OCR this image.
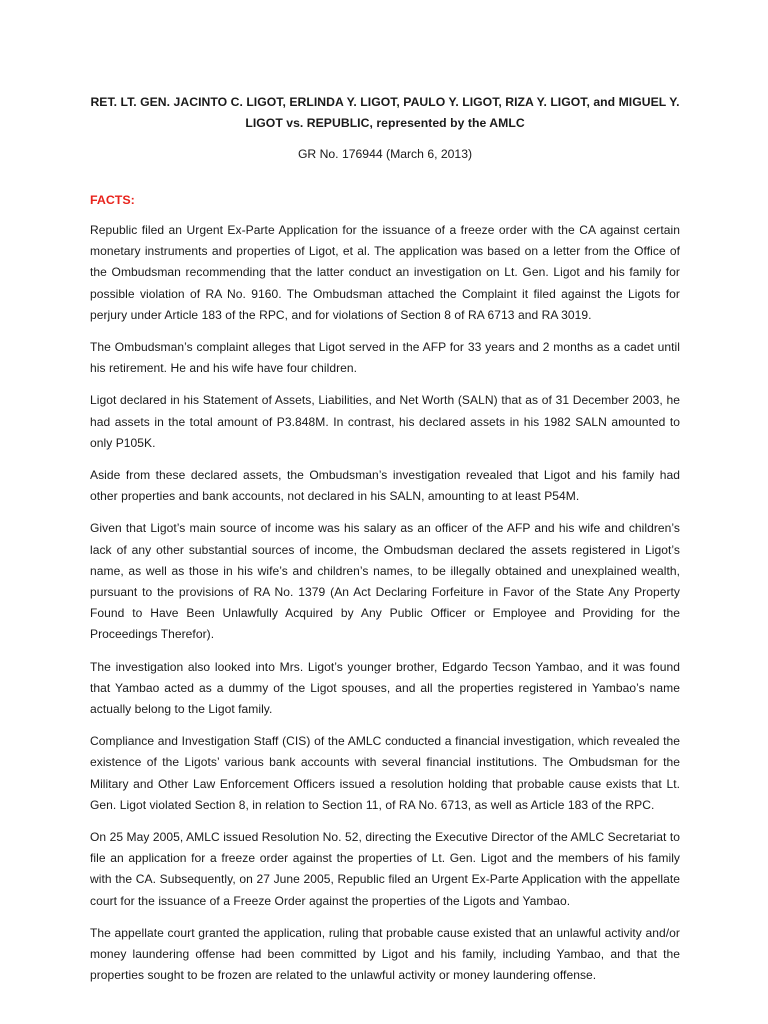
RET. LT. GEN. JACINTO C. LIGOT, ERLINDA Y. LIGOT, PAULO Y. LIGOT, RIZA Y. LIGOT, and MIGUEL Y. LIGOT vs. REPUBLIC, represented by the AMLC

GR No. 176944 (March 6, 2013)

FACTS:

Republic filed an Urgent Ex-Parte Application for the issuance of a freeze order with the CA against certain monetary instruments and properties of Ligot, et al. The application was based on a letter from the Office of the Ombudsman recommending that the latter conduct an investigation on Lt. Gen. Ligot and his family for possible violation of RA No. 9160. The Ombudsman attached the Complaint it filed against the Ligots for perjury under Article 183 of the RPC, and for violations of Section 8 of RA 6713 and RA 3019.

The Ombudsman’s complaint alleges that Ligot served in the AFP for 33 years and 2 months as a cadet until his retirement. He and his wife have four children.

Ligot declared in his Statement of Assets, Liabilities, and Net Worth (SALN) that as of 31 December 2003, he had assets in the total amount of P3.848M. In contrast, his declared assets in his 1982 SALN amounted to only P105K.

Aside from these declared assets, the Ombudsman’s investigation revealed that Ligot and his family had other properties and bank accounts, not declared in his SALN, amounting to at least P54M.

Given that Ligot’s main source of income was his salary as an officer of the AFP and his wife and children’s lack of any other substantial sources of income, the Ombudsman declared the assets registered in Ligot’s name, as well as those in his wife’s and children’s names, to be illegally obtained and unexplained wealth, pursuant to the provisions of RA No. 1379 (An Act Declaring Forfeiture in Favor of the State Any Property Found to Have Been Unlawfully Acquired by Any Public Officer or Employee and Providing for the Proceedings Therefor).

The investigation also looked into Mrs. Ligot’s younger brother, Edgardo Tecson Yambao, and it was found that Yambao acted as a dummy of the Ligot spouses, and all the properties registered in Yambao’s name actually belong to the Ligot family.

Compliance and Investigation Staff (CIS) of the AMLC conducted a financial investigation, which revealed the existence of the Ligots’ various bank accounts with several financial institutions. The Ombudsman for the Military and Other Law Enforcement Officers issued a resolution holding that probable cause exists that Lt. Gen. Ligot violated Section 8, in relation to Section 11, of RA No. 6713, as well as Article 183 of the RPC.

On 25 May 2005, AMLC issued Resolution No. 52, directing the Executive Director of the AMLC Secretariat to file an application for a freeze order against the properties of Lt. Gen. Ligot and the members of his family with the CA. Subsequently, on 27 June 2005, Republic filed an Urgent Ex-Parte Application with the appellate court for the issuance of a Freeze Order against the properties of the Ligots and Yambao.

The appellate court granted the application, ruling that probable cause existed that an unlawful activity and/or money laundering offense had been committed by Ligot and his family, including Yambao, and that the properties sought to be frozen are related to the unlawful activity or money laundering offense.
